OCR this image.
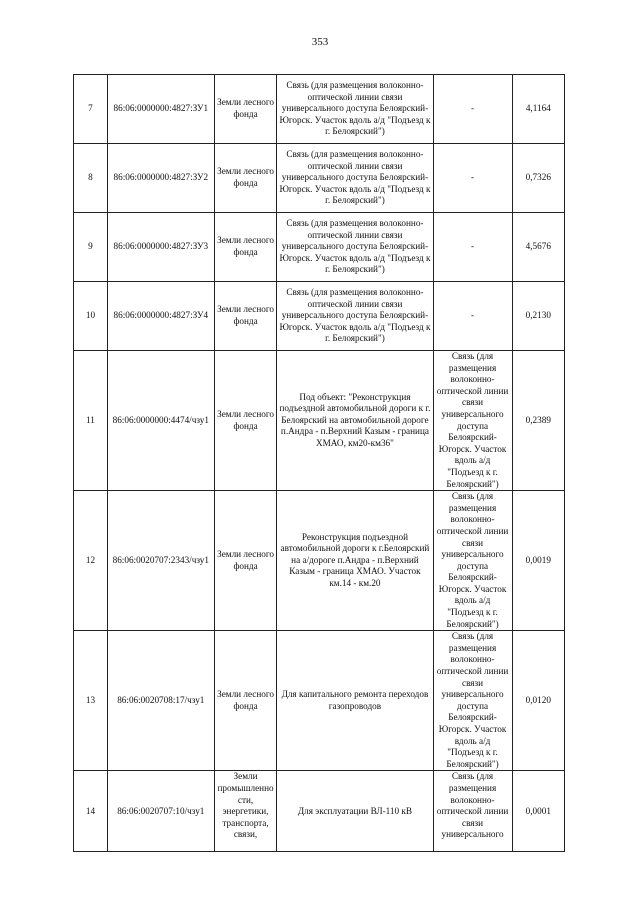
353
7	86:06:0000000:4827:ЗУ1	Земли лесного фонда	Связь (для размещения волоконно-оптической линии связи универсального доступа Белоярский-Югорск. Участок вдоль а/д "Подъезд к г. Белоярский")	-	4,1164
8	86:06:0000000:4827:ЗУ2	Земли лесного фонда	Связь (для размещения волоконно-оптической линии связи универсального доступа Белоярский-Югорск. Участок вдоль а/д "Подъезд к г. Белоярский")	-	0,7326
9	86:06:0000000:4827:ЗУ3	Земли лесного фонда	Связь (для размещения волоконно-оптической линии связи универсального доступа Белоярский-Югорск. Участок вдоль а/д "Подъезд к г. Белоярский")	-	4,5676
10	86:06:0000000:4827:ЗУ4	Земли лесного фонда	Связь (для размещения волоконно-оптической линии связи универсального доступа Белоярский-Югорск. Участок вдоль а/д "Подъезд к г. Белоярский")	-	0,2130
11	86:06:0000000:4474/чзу1	Земли лесного фонда	Под объект: "Реконструкция подъездной автомобильной дороги к г. Белоярский на автомобильной дороге п.Андра - п.Верхний Казым - граница ХМАО, км20-км36"	Связь (для размещения волоконно-оптической линии связи универсального доступа Белоярский-Югорск. Участок вдоль а/д "Подъезд к г. Белоярский")	0,2389
12	86:06:0020707:2343/чзу1	Земли лесного фонда	Реконструкция подъездной автомобильной дороги к г.Белоярский на а/дороге п.Андра - п.Верхний Казым - граница ХМАО. Участок км.14 - км.20	Связь (для размещения волоконно-оптической линии связи универсального доступа Белоярский-Югорск. Участок вдоль а/д "Подъезд к г. Белоярский")	0,0019
13	86:06:0020708:17/чзу1	Земли лесного фонда	Для капитального ремонта переходов газопроводов	Связь (для размещения волоконно-оптической линии связи универсального доступа Белоярский-Югорск. Участок вдоль а/д "Подъезд к г. Белоярский")	0,0120
14	86:06:0020707:10/чзу1	Земли промышленности, энергетики, транспорта, связи,	Для эксплуатации ВЛ-110 кВ	Связь (для размещения волоконно-оптической линии связи универсального	0,0001
